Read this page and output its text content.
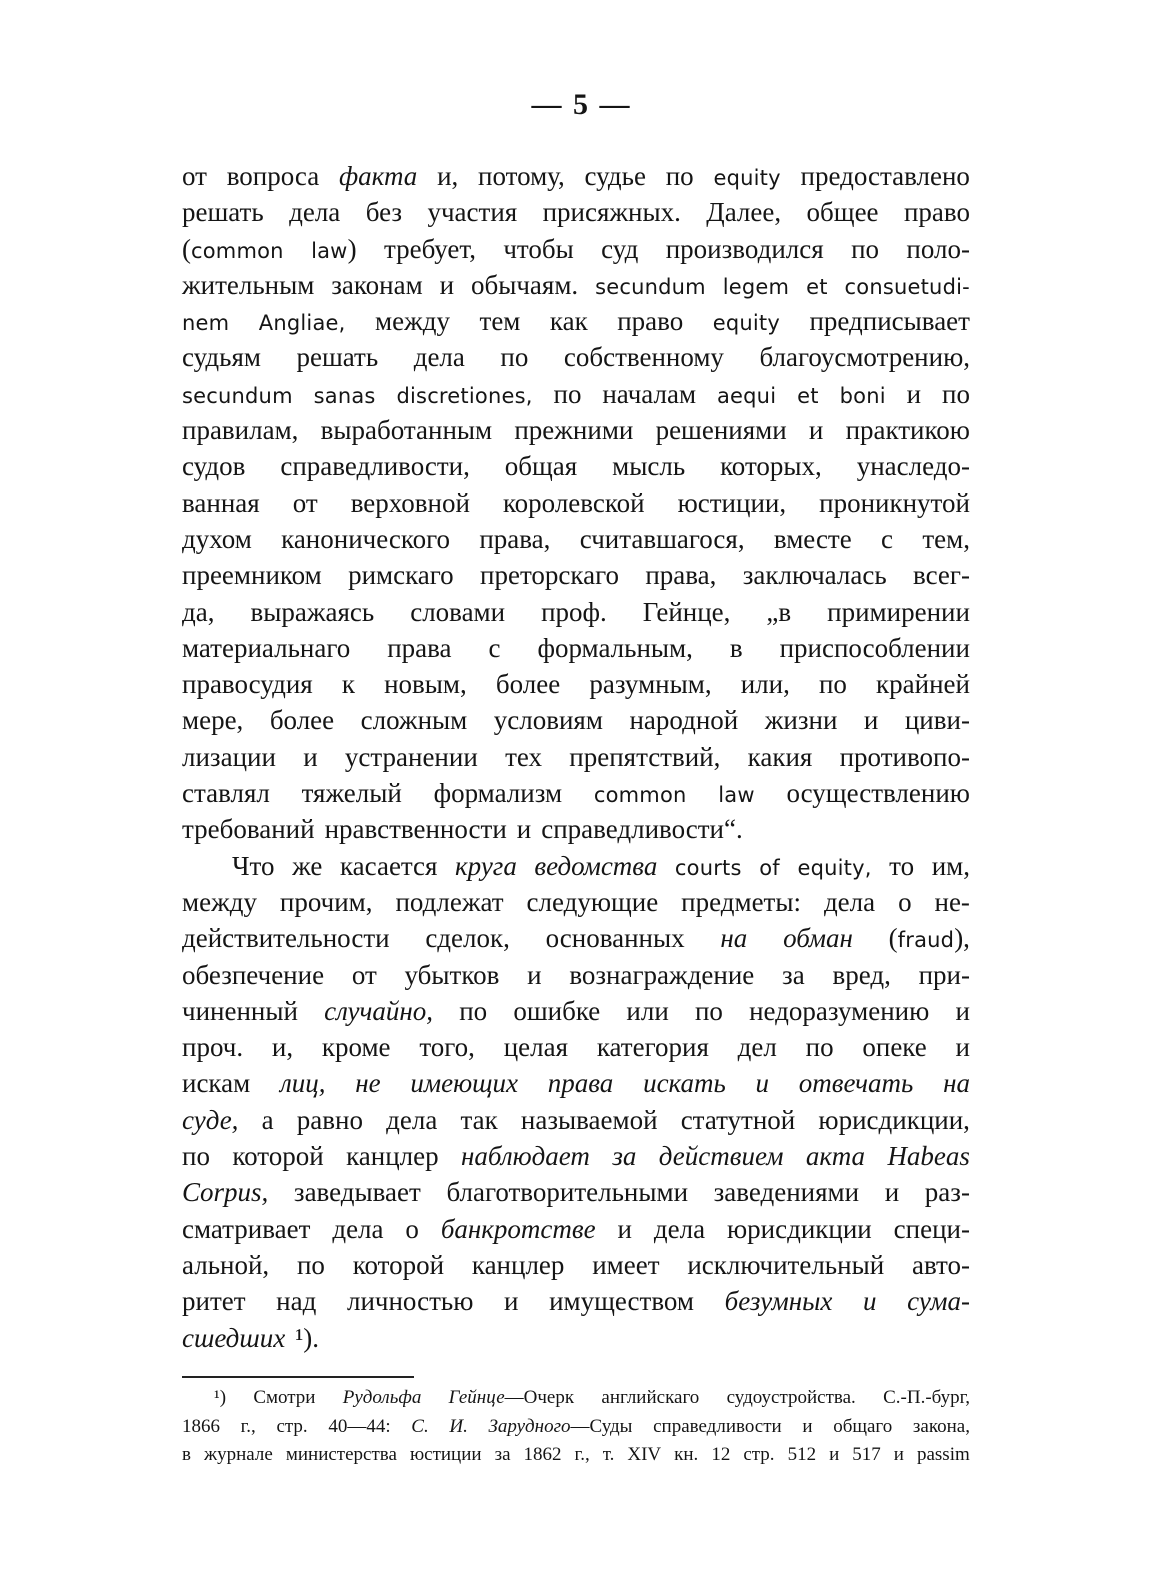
— 5 —
от вопроса факта и, потому, судье по equity предоставлено
решать дела без участия присяжных. Далее, общее право
(common law) требует, чтобы суд производился по поло-
жительным законам и обычаям. secundum legem et consuetudi-
nem Angliae, между тем как право equity предписывает
судьям решать дела по собственному благоусмотрению,
secundum sanas discretiones, по началам aequi et boni и по
правилам, выработанным прежними решениями и практикою
судов справедливости, общая мысль которых, унаследо-
ванная от верховной королевской юстиции, проникнутой
духом канонического права, считавшагося, вместе с тем,
преемником римскаго преторскаго права, заключалась всег-
да, выражаясь словами проф. Гейнце, „в примирении
материальнаго права с формальным, в приспособлении
правосудия к новым, более разумным, или, по крайней
мере, более сложным условиям народной жизни и циви-
лизации и устранении тех препятствий, какия противопо-
ставлял тяжелый формализм common law осуществлению
требований нравственности и справедливости“.
Что же касается круга ведомства courts of equity, то им,
между прочим, подлежат следующие предметы: дела о не-
действительности сделок, основанных на обман (fraud),
обезпечение от убытков и вознаграждение за вред, при-
чиненный случайно, по ошибке или по недоразумению и
проч. и, кроме того, целая категория дел по опеке и
искам лиц, не имеющих права искать и отвечать на
суде, а равно дела так называемой статутной юрисдикции,
по которой канцлер наблюдает за действием акта Habeas
Corpus, заведывает благотворительными заведениями и раз-
сматривает дела о банкротстве и дела юрисдикции специ-
альной, по которой канцлер имеет исключительный авто-
ритет над личностью и имуществом безумных и сума-
сшедших ¹).
¹) Смотри Рудольфа Гейнце—Очерк английскаго судоустройства. С.-П.-бург,
1866 г., стр. 40—44: С. И. Зарудного—Суды справедливости и общаго закона,
в журнале министерства юстиции за 1862 г., т. XIV кн. 12 стр. 512 и 517 и passim
